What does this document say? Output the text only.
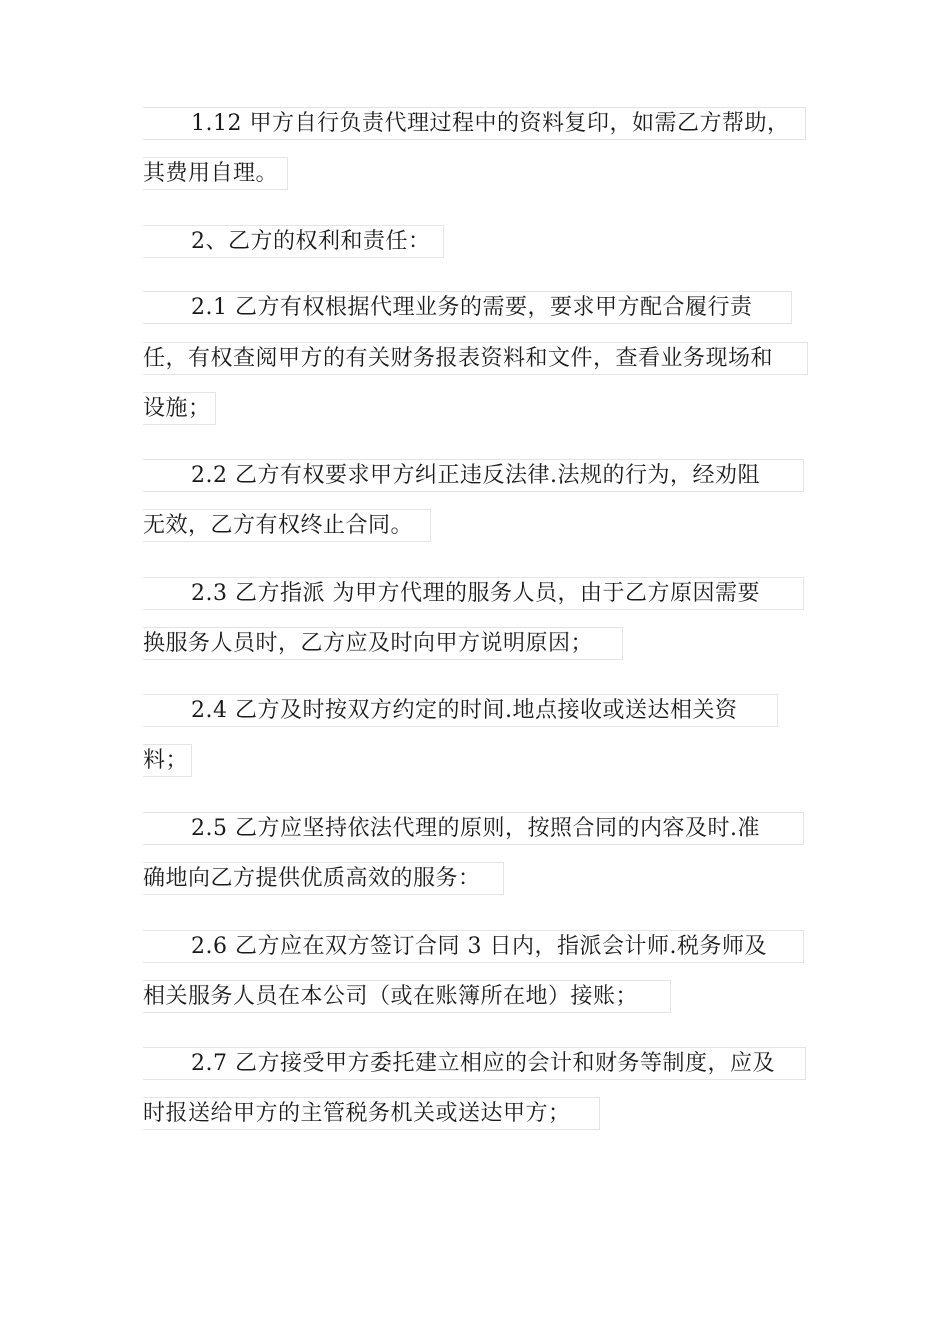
1.12 甲方自行负责代理过程中的资料复印，如需乙方帮助，
其费用自理。
2、乙方的权利和责任：
2.1 乙方有权根据代理业务的需要，要求甲方配合履行责
任，有权查阅甲方的有关财务报表资料和文件，查看业务现场和
设施；
2.2 乙方有权要求甲方纠正违反法律.法规的行为，经劝阻
无效，乙方有权终止合同。
2.3 乙方指派 为甲方代理的服务人员，由于乙方原因需要
换服务人员时，乙方应及时向甲方说明原因；
2.4 乙方及时按双方约定的时间.地点接收或送达相关资
料；
2.5 乙方应坚持依法代理的原则，按照合同的内容及时.准
确地向乙方提供优质高效的服务：
2.6 乙方应在双方签订合同 3 日内，指派会计师.税务师及
相关服务人员在本公司（或在账簿所在地）接账；
2.7 乙方接受甲方委托建立相应的会计和财务等制度，应及
时报送给甲方的主管税务机关或送达甲方；
